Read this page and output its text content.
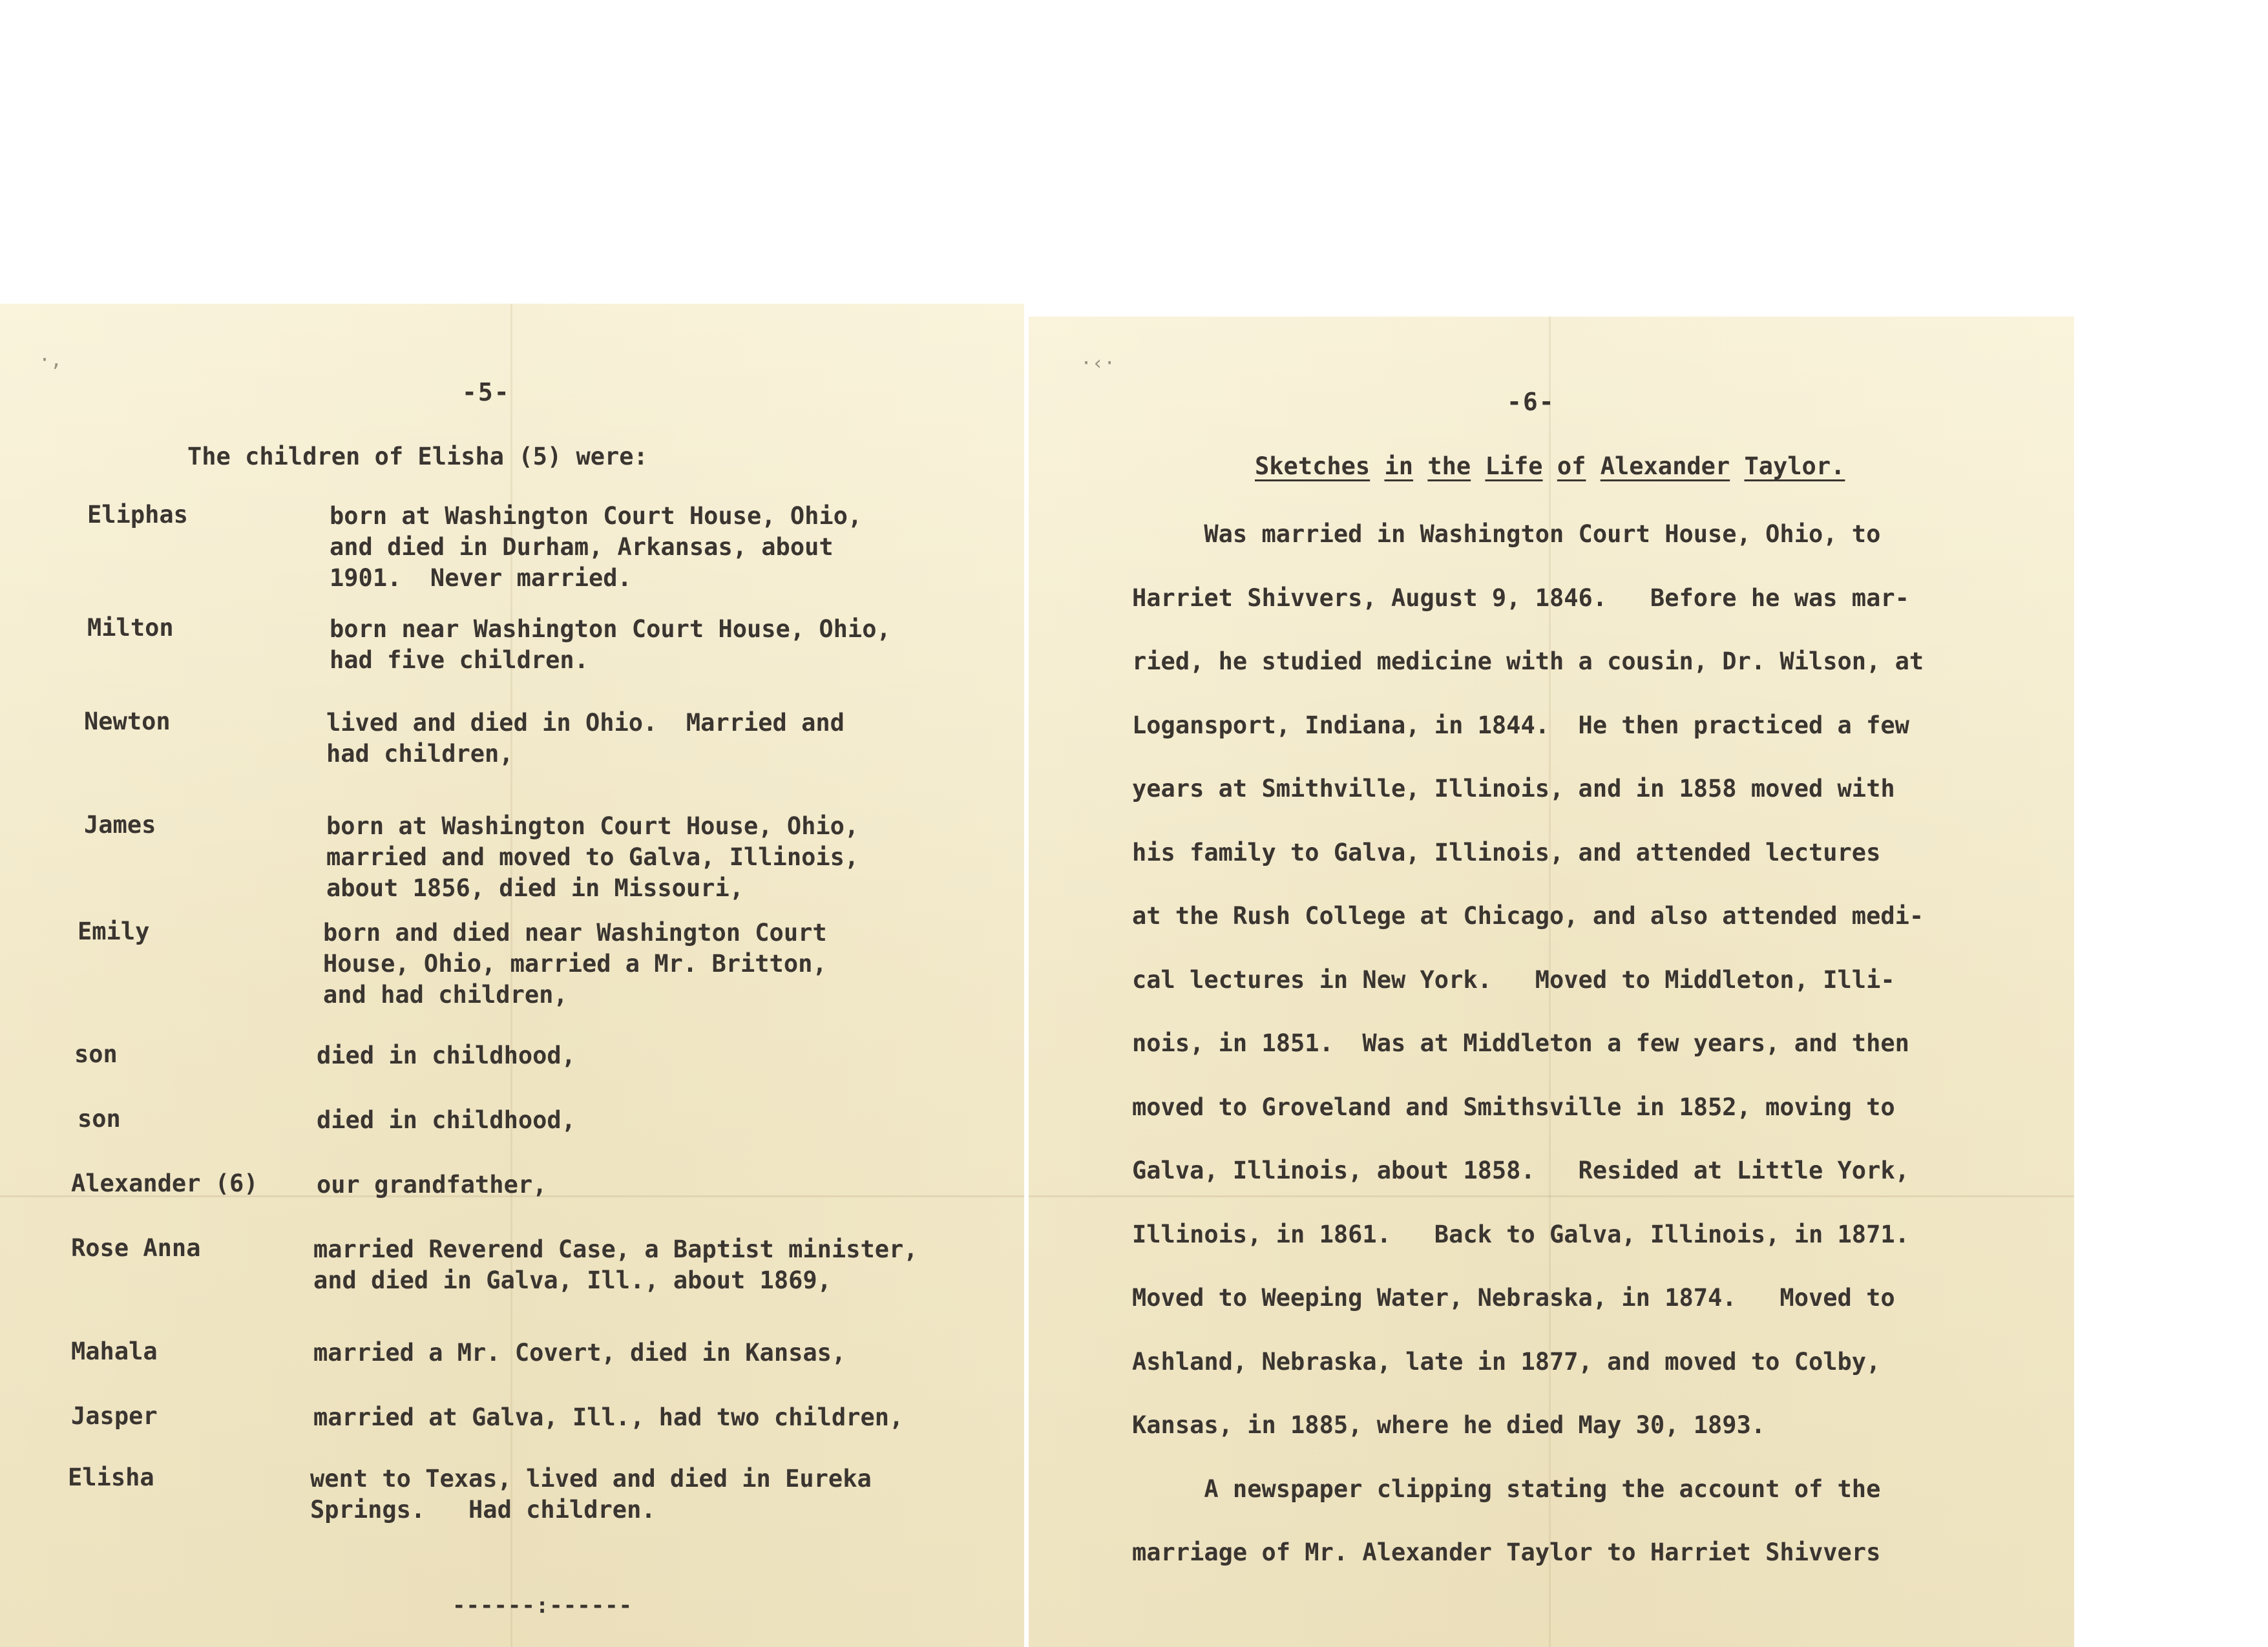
·,
-5-
The children of Elisha (5) were:
Eliphas	born at Washington Court House, Ohio,
and died in Durham, Arkansas, about
1901.  Never married.
Milton	born near Washington Court House, Ohio,
had five children.
Newton	lived and died in Ohio.  Married and
had children,
James	born at Washington Court House, Ohio,
married and moved to Galva, Illinois,
about 1856, died in Missouri,
Emily	born and died near Washington Court
House, Ohio, married a Mr. Britton,
and had children,
son	died in childhood,
son	died in childhood,
Alexander (6) our grandfather,
Rose Anna	married Reverend Case, a Baptist minister,
and died in Galva, Ill., about 1869,
Mahala	married a Mr. Covert, died in Kansas,
Jasper	married at Galva, Ill., had two children,
Elisha	went to Texas, lived and died in Eureka
Springs.   Had children.
------:------
·‹·
-6-
Sketches in the Life of Alexander Taylor.
Was married in Washington Court House, Ohio, to
Harriet Shivvers, August 9, 1846.   Before he was mar-
ried, he studied medicine with a cousin, Dr. Wilson, at
Logansport, Indiana, in 1844.  He then practiced a few
years at Smithville, Illinois, and in 1858 moved with
his family to Galva, Illinois, and attended lectures
at the Rush College at Chicago, and also attended medi-
cal lectures in New York.   Moved to Middleton, Illi-
nois, in 1851.  Was at Middleton a few years, and then
moved to Groveland and Smithsville in 1852, moving to
Galva, Illinois, about 1858.   Resided at Little York,
Illinois, in 1861.   Back to Galva, Illinois, in 1871.
Moved to Weeping Water, Nebraska, in 1874.   Moved to
Ashland, Nebraska, late in 1877, and moved to Colby,
Kansas, in 1885, where he died May 30, 1893.
A newspaper clipping stating the account of the
marriage of Mr. Alexander Taylor to Harriet Shivvers
